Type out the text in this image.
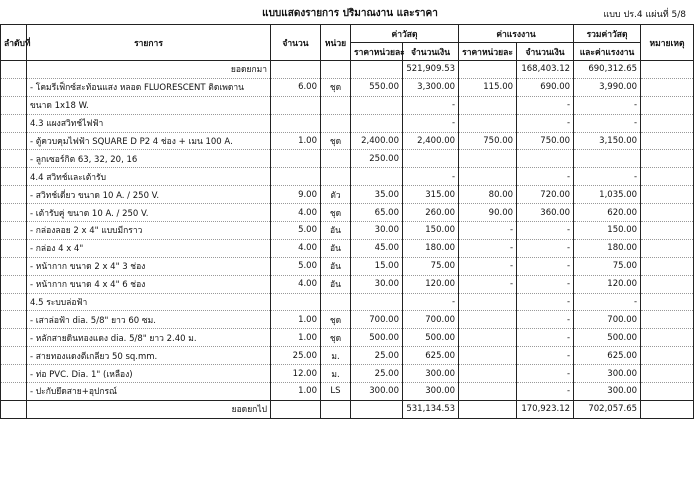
แบบแสดงรายการ ปริมาณงาน และราคา	แบบ ปร.4 แผ่นที่ 5/8
ลำดับที่	รายการ	จำนวน	หน่วย	ค่าวัสดุ		ค่าแรงงาน		รวมค่าวัสดุ	หมายเหตุ
				ราคาหน่วยละ	จำนวนเงิน	ราคาหน่วยละ	จำนวนเงิน	และค่าแรงงาน	
	ยอดยกมา				521,909.53		168,403.12	690,312.65	
	- โคมรีเฟ็กซ์สะท้อนแสง หลอด FLUORESCENT ติดเพดาน	6.00	ชุด	550.00	3,300.00	115.00	690.00	3,990.00	
	ขนาด 1x18 W.				-		-	-	
	4.3 แผงสวิทช์ไฟฟ้า				-		-	-	
	- ตู้ควบคุมไฟฟ้า SQUARE D P2 4 ช่อง + เมน 100 A.	1.00	ชุด	2,400.00	2,400.00	750.00	750.00	3,150.00	
	- ลูกเซอร์กิต 63, 32, 20, 16			250.00					
	4.4 สวิทช์และเต้ารับ				-		-	-	
	- สวิทช์เดี่ยว ขนาด 10 A. / 250 V.	9.00	ตัว	35.00	315.00	80.00	720.00	1,035.00	
	- เต้ารับคู่ ขนาด 10 A. / 250 V.	4.00	ชุด	65.00	260.00	90.00	360.00	620.00	
	- กล่องลอย 2 x 4" แบบมีกราว	5.00	อัน	30.00	150.00	-	-	150.00	
	- กล่อง 4 x 4"	4.00	อัน	45.00	180.00	-	-	180.00	
	- หน้ากาก ขนาด 2 x 4" 3 ช่อง	5.00	อัน	15.00	75.00	-	-	75.00	
	- หน้ากาก ขนาด 4 x 4" 6 ช่อง	4.00	อัน	30.00	120.00	-	-	120.00	
	4.5 ระบบล่อฟ้า				-		-	-	
	- เสาล่อฟ้า dia. 5/8" ยาว 60 ซม.	1.00	ชุด	700.00	700.00		-	700.00	
	- หลักสายดินทองแดง dia. 5/8" ยาว 2.40 ม.	1.00	ชุด	500.00	500.00		-	500.00	
	- สายทองแดงตีเกลียว 50 sq.mm.	25.00	ม.	25.00	625.00		-	625.00	
	- ท่อ PVC. Dia. 1" (เหลือง)	12.00	ม.	25.00	300.00		-	300.00	
	- ปะกับยึดสาย+อุปกรณ์	1.00	LS	300.00	300.00		-	300.00	
	ยอดยกไป				531,134.53		170,923.12	702,057.65	
